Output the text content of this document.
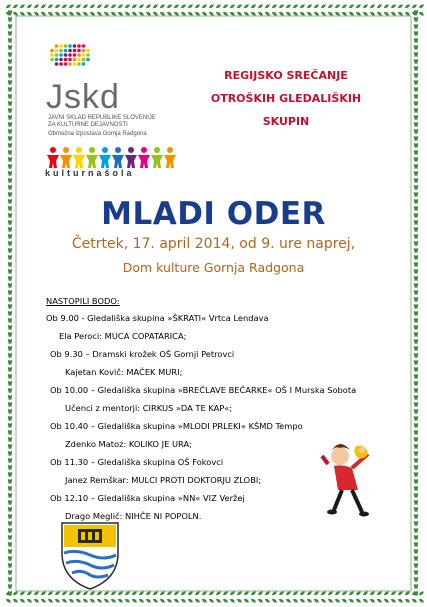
Jskd
JAVNI SKLAD REPUBLIKE SLOVENIJE
ZA KULTURNE DEJAVNOSTI
Območna izpostava Gornja Radgona
kulturnašola
REGIJSKO SREČANJE
OTROŠKIH GLEDALIŠKIH
SKUPIN
MLADI ODER
Četrtek, 17. april 2014, od 9. ure naprej,
Dom kulture Gornja Radgona
NASTOPILI BODO:
Ob 9.00 - Gledališka skupina »ŠKRATI« Vrtca Lendava
Ela Peroci: MUCA COPATARICA;
Ob 9.30 – Dramski krožek OŠ Gornji Petrovci
Kajetan Kovič: MAČEK MURI;
Ob 10.00 – Gledališka skupina »BREČLAVE BEČARKE« OŠ I Murska Sobota
Učenci z mentorji: CIRKUS »DA TE KAP«;
Ob 10.40 – Gledališka skupina »MLODI PRLEKI« KŠMD Tempo
Zdenko Matoz: KOLIKO JE URA;
Ob 11.30 – Gledališka skupina OŠ Fokovci
Janez Remškar: MULCI PROTI DOKTORJU ZLOBI;
Ob 12.10 – Gledališka skupina »NN« VIZ Veržej
Drago Meglič: NIHČE NI POPOLN.
